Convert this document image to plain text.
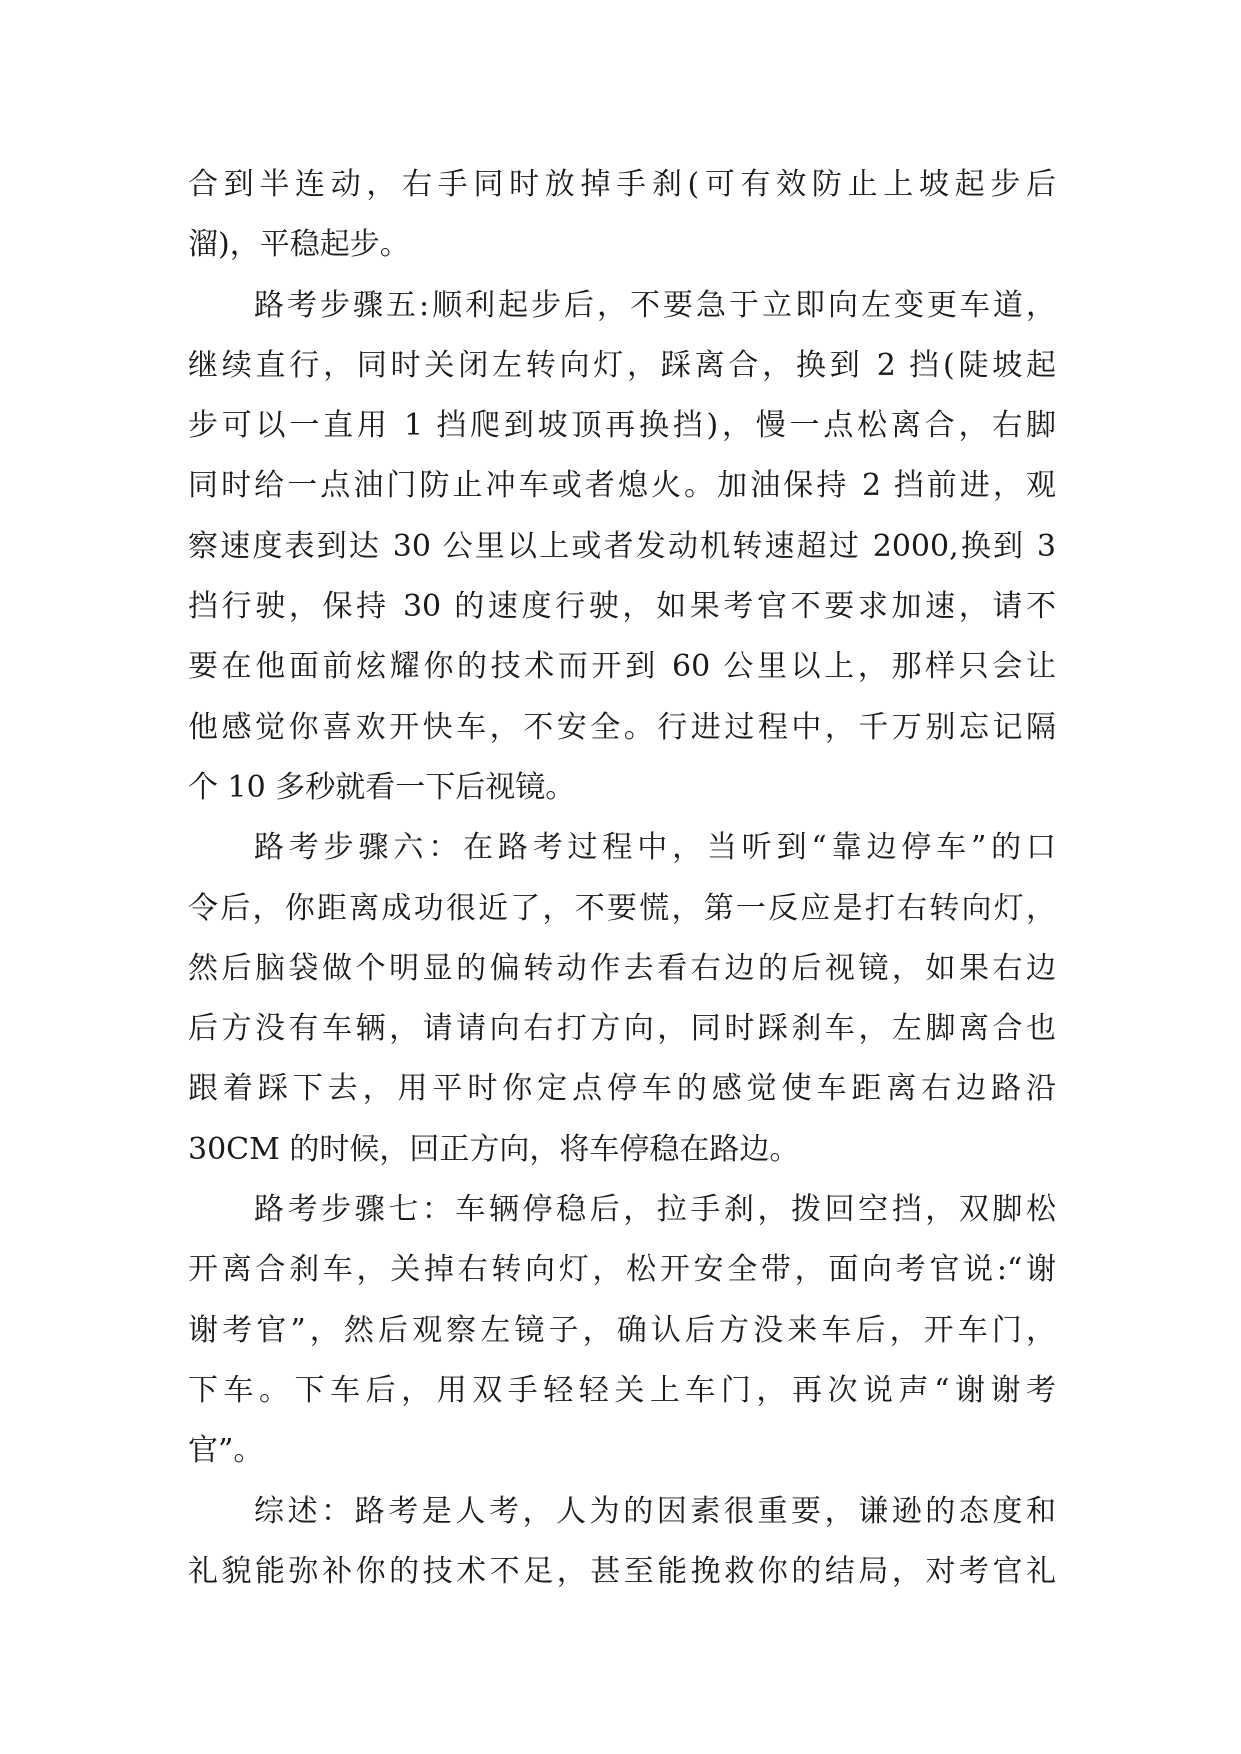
合到半连动，右手同时放掉手刹(可有效防止上坡起步后
溜)，平稳起步。
路考步骤五:顺利起步后，不要急于立即向左变更车道，
继续直行，同时关闭左转向灯，踩离合，换到 2 挡(陡坡起
步可以一直用 1 挡爬到坡顶再换挡)，慢一点松离合，右脚
同时给一点油门防止冲车或者熄火。加油保持 2 挡前进，观
察速度表到达 30 公里以上或者发动机转速超过 2000,换到 3
挡行驶，保持 30 的速度行驶，如果考官不要求加速，请不
要在他面前炫耀你的技术而开到 60 公里以上，那样只会让
他感觉你喜欢开快车，不安全。行进过程中，千万别忘记隔
个 10 多秒就看一下后视镜。
路考步骤六：在路考过程中，当听到“靠边停车”的口
令后，你距离成功很近了，不要慌，第一反应是打右转向灯，
然后脑袋做个明显的偏转动作去看右边的后视镜，如果右边
后方没有车辆，请请向右打方向，同时踩刹车，左脚离合也
跟着踩下去，用平时你定点停车的感觉使车距离右边路沿
30CM 的时候，回正方向，将车停稳在路边。
路考步骤七：车辆停稳后，拉手刹，拨回空挡，双脚松
开离合刹车，关掉右转向灯，松开安全带，面向考官说:“谢
谢考官”，然后观察左镜子，确认后方没来车后，开车门，
下车。下车后，用双手轻轻关上车门，再次说声“谢谢考
官”。
综述：路考是人考，人为的因素很重要，谦逊的态度和
礼貌能弥补你的技术不足，甚至能挽救你的结局，对考官礼
